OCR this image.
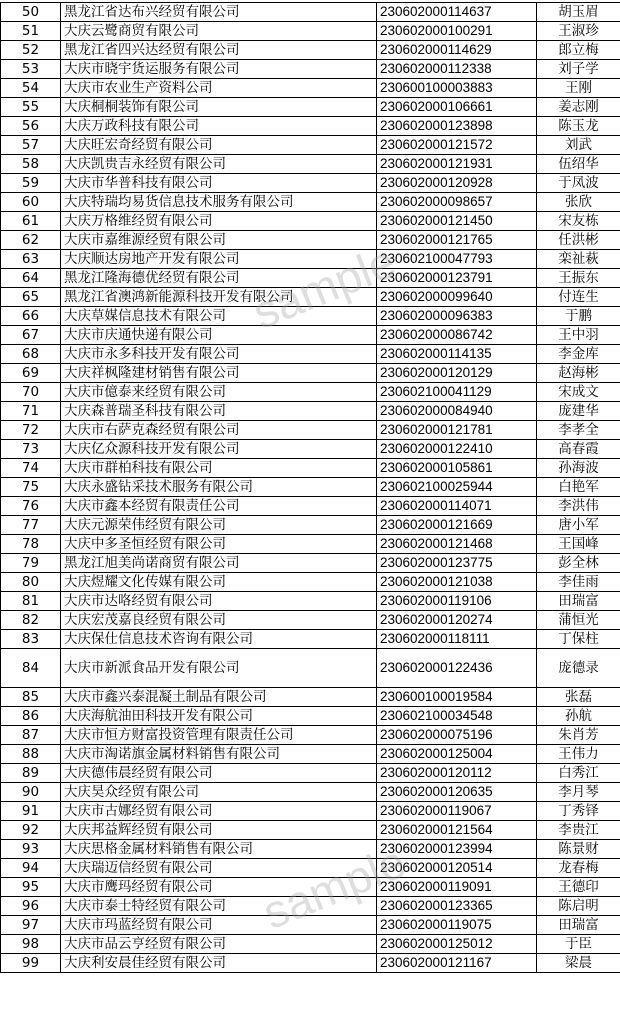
50	黑龙江省达布兴经贸有限公司	230602000114637	胡玉眉
51	大庆云鹭商贸有限公司	230602000100291	王淑珍
52	黑龙江省四兴达经贸有限公司	230602000114629	郎立梅
53	大庆市晓宇货运服务有限公司	230602000112338	刘子学
54	大庆市农业生产资料公司	230600100003883	王刚
55	大庆桐桐装饰有限公司	230602000106661	姜志刚
56	大庆万政科技有限公司	230602000123898	陈玉龙
57	大庆旺宏奇经贸有限公司	230602000121572	刘武
58	大庆凯贵吉永经贸有限公司	230602000121931	伍绍华
59	大庆市华普科技有限公司	230602000120928	于凤波
60	大庆特瑞均易货信息技术服务有限公司	230602000098657	张欣
61	大庆万格维经贸有限公司	230602000121450	宋友栋
62	大庆市嘉维源经贸有限公司	230602000121765	任洪彬
63	大庆顺达房地产开发有限公司	230602100047793	栾祉萩
64	黑龙江隆海德优经贸有限公司	230602000123791	王振东
65	黑龙江省澳鸿新能源科技开发有限公司	230602000099640	付连生
66	大庆草媒信息技术有限公司	230602000096383	于鹏
67	大庆市庆通快递有限公司	230602000086742	王中羽
68	大庆市永多科技开发有限公司	230602000114135	李金库
69	大庆祥枫隆建材销售有限公司	230602000120129	赵海彬
70	大庆市億泰来经贸有限公司	230602100041129	宋成文
71	大庆森普瑞圣科技有限公司	230602000084940	庞建华
72	大庆市右萨克森经贸有限公司	230602000121781	李孝全
73	大庆亿众源科技开发有限公司	230602000122410	高春霞
74	大庆市群柏科技有限公司	230602000105861	孙海波
75	大庆永盛钻采技术服务有限公司	230602100025944	白艳军
76	大庆市鑫本经贸有限责任公司	230602000114071	李洪伟
77	大庆元源荣伟经贸有限公司	230602000121669	唐小军
78	大庆中多圣恒经贸有限公司	230602000121468	王国峰
79	黑龙江旭美尚诺商贸有限公司	230602000123775	彭全林
80	大庆煜耀文化传媒有限公司	230602000121038	李佳雨
81	大庆市达咯经贸有限公司	230602000119106	田瑞富
82	大庆宏茂嘉良经贸有限公司	230602000120274	蒲恒光
83	大庆保仕信息技术咨询有限公司	230602000118111	丁保柱
84	大庆市新派食品开发有限公司	230602000122436	庞德录
85	大庆市鑫兴泰混凝土制品有限公司	230600100019584	张磊
86	大庆海航油田科技开发有限公司	230602100034548	孙航
87	大庆市恒方财富投资管理有限责任公司	230602000075196	朱肖芳
88	大庆市淘诺旗金属材料销售有限公司	230602000125004	王伟力
89	大庆德伟晨经贸有限公司	230602000120112	白秀江
90	大庆昊众经贸有限公司	230602000120635	李月琴
91	大庆市古娜经贸有限公司	230602000119067	丁秀铎
92	大庆邦益辉经贸有限公司	230602000121564	李贵江
93	大庆思格金属材料销售有限公司	230602000123994	陈景财
94	大庆瑞迈信经贸有限公司	230602000120514	龙春梅
95	大庆市鹰玛经贸有限公司	230602000119091	王德印
96	大庆市泰士特经贸有限公司	230602000123365	陈启明
97	大庆市玛蓝经贸有限公司	230602000119075	田瑞富
98	大庆市品云亨经贸有限公司	230602000125012	于臣
99	大庆利安晨佳经贸有限公司	230602000121167	梁晨
sample
sample
